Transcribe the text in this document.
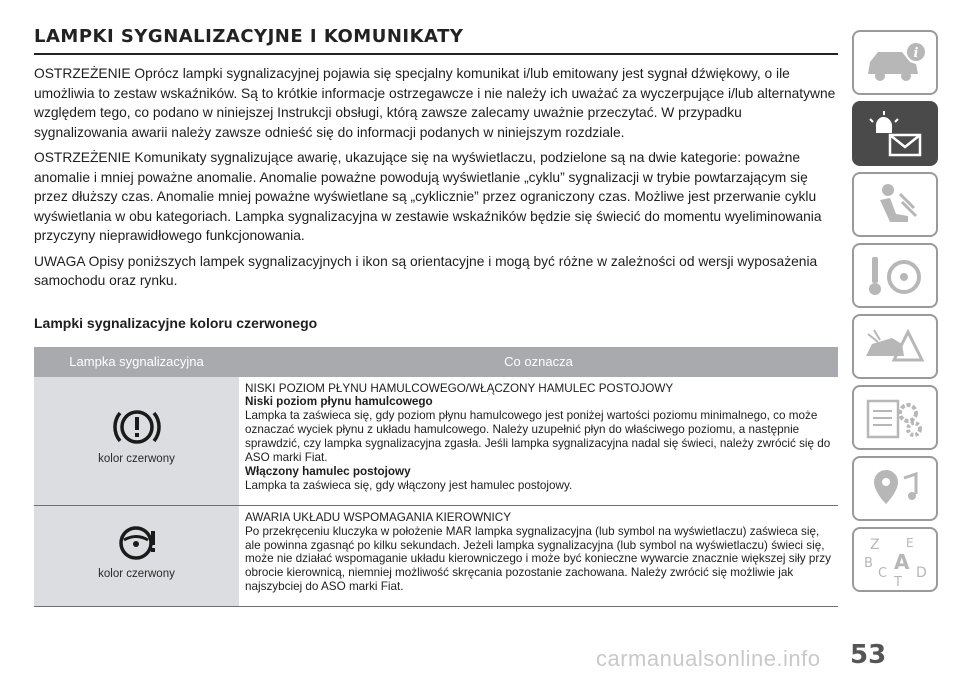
LAMPKI SYGNALIZACYJNE I KOMUNIKATY

OSTRZEŻENIE Oprócz lampki sygnalizacyjnej pojawia się specjalny komunikat i/lub emitowany jest sygnał dźwiękowy, o ile umożliwia to zestaw wskaźników. Są to krótkie informacje ostrzegawcze i nie należy ich uważać za wyczerpujące i/lub alternatywne względem tego, co podano w niniejszej Instrukcji obsługi, którą zawsze zalecamy uważnie przeczytać. W przypadku sygnalizowania awarii należy zawsze odnieść się do informacji podanych w niniejszym rozdziale.

OSTRZEŻENIE Komunikaty sygnalizujące awarię, ukazujące się na wyświetlaczu, podzielone są na dwie kategorie: poważne anomalie i mniej poważne anomalie. Anomalie poważne powodują wyświetlanie „cyklu” sygnalizacji w trybie powtarzającym się przez dłuższy czas. Anomalie mniej poważne wyświetlane są „cyklicznie” przez ograniczony czas. Możliwe jest przerwanie cyklu wyświetlania w obu kategoriach. Lampka sygnalizacyjna w zestawie wskaźników będzie się świecić do momentu wyeliminowania przyczyny nieprawidłowego funkcjonowania.

UWAGA Opisy poniższych lampek sygnalizacyjnych i ikon są orientacyjne i mogą być różne w zależności od wersji wyposażenia samochodu oraz rynku.

Lampki sygnalizacyjne koloru czerwonego
Lampka sygnalizacyjna	Co oznacza

kolor czerwony	NISKI POZIOM PŁYNU HAMULCOWEGO/WŁĄCZONY HAMULEC POSTOJOWY
Niski poziom płynu hamulcowego
Lampka ta zaświeca się, gdy poziom płynu hamulcowego jest poniżej wartości poziomu minimalnego, co może oznaczać wyciek płynu z układu hamulcowego. Należy uzupełnić płyn do właściwego poziomu, a następnie sprawdzić, czy lampka sygnalizacyjna zgasła. Jeśli lampka sygnalizacyjna nadal się świeci, należy zwrócić się do ASO marki Fiat.
Włączony hamulec postojowy
Lampka ta zaświeca się, gdy włączony jest hamulec postojowy.

kolor czerwony	AWARIA UKŁADU WSPOMAGANIA KIEROWNICY
Po przekręceniu kluczyka w położenie MAR lampka sygnalizacyjna (lub symbol na wyświetlaczu) zaświeca się, ale powinna zgasnąć po kilku sekundach. Jeżeli lampka sygnalizacyjna (lub symbol na wyświetlaczu) świeci się, może nie działać wspomaganie układu kierowniczego i może być konieczne wywarcie znacznie większej siły przy obrocie kierownicą, niemniej możliwość skręcania pozostanie zachowana. Należy zwrócić się możliwie jak najszybciej do ASO marki Fiat.
i
Z E
B A
C D
T
carmanualsonline.info 53
